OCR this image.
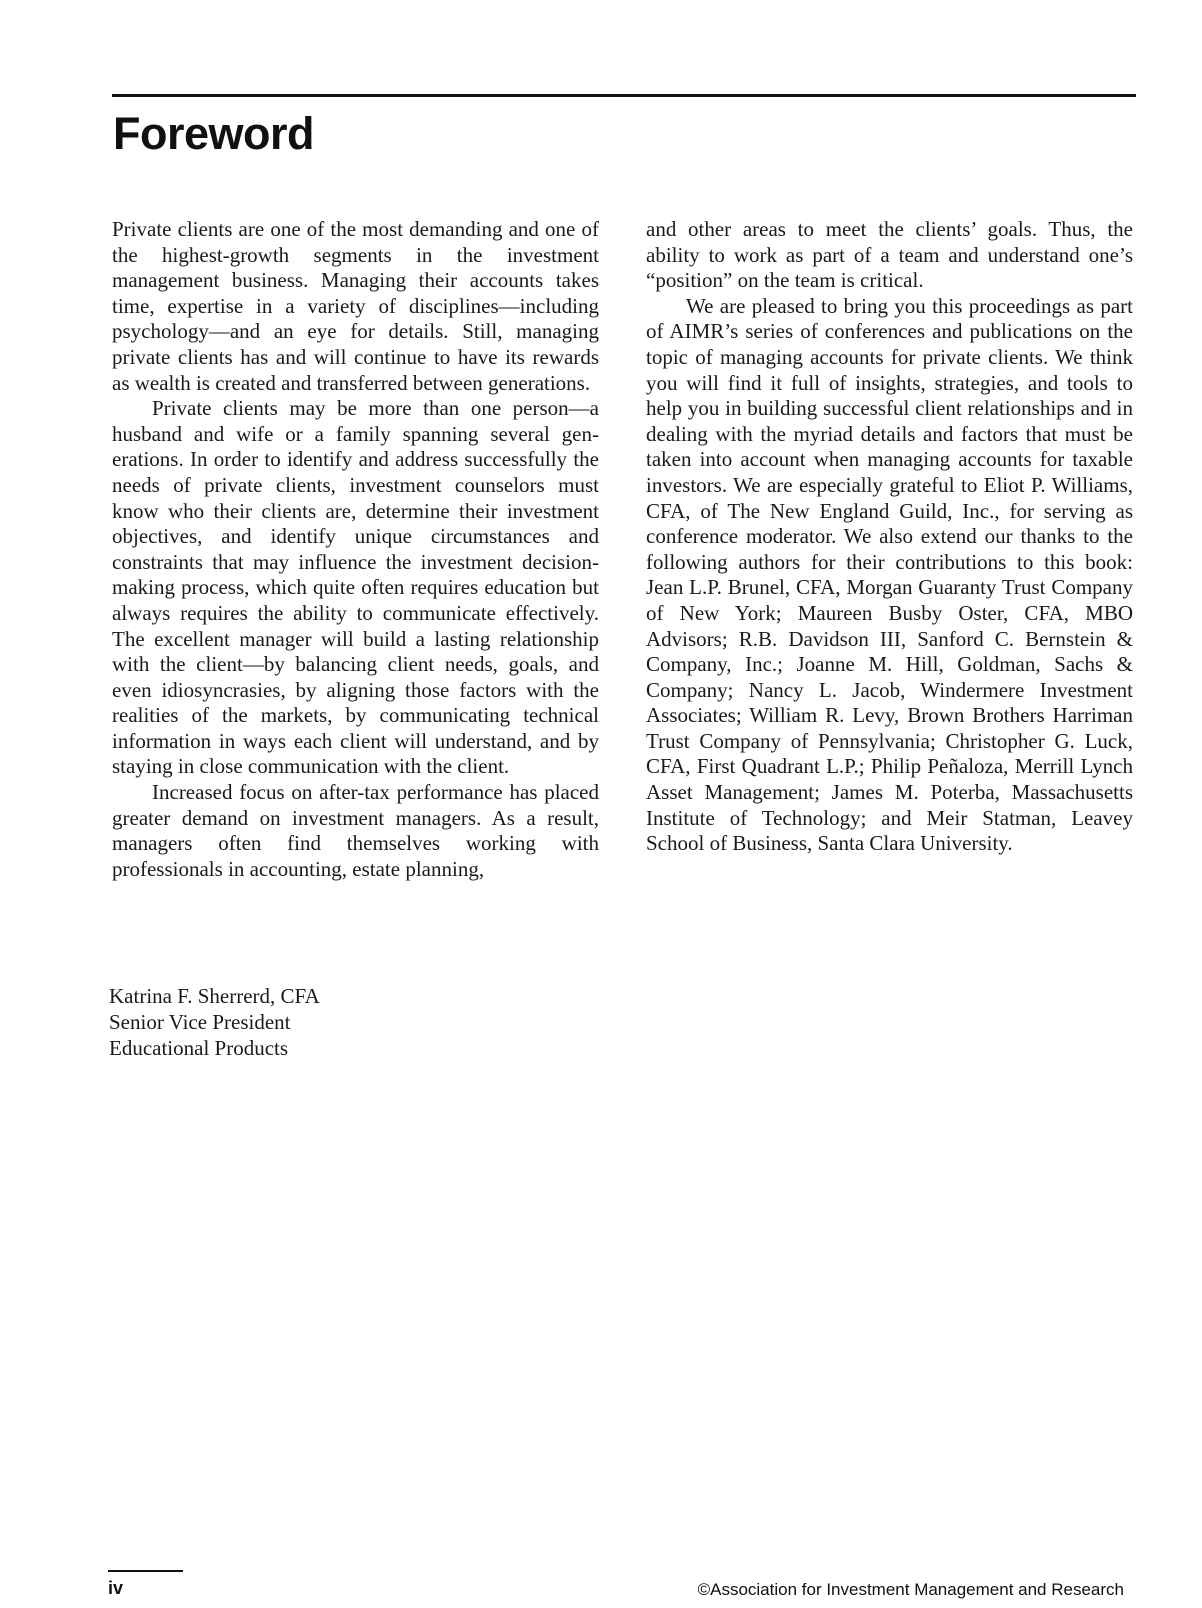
Foreword

Private clients are one of the most demanding and one of the highest-growth segments in the investment management business. Managing their accounts takes time, expertise in a variety of disciplines—including psychology—and an eye for details. Still, managing private clients has and will continue to have its rewards as wealth is created and transferred between generations.

Private clients may be more than one person—a husband and wife or a family spanning several generations. In order to identify and address successfully the needs of private clients, investment counselors must know who their clients are, determine their investment objectives, and identify unique circumstances and constraints that may influence the investment decision-making process, which quite often requires education but always requires the ability to communicate effectively. The excellent manager will build a lasting relationship with the client—by balancing client needs, goals, and even idiosyncrasies, by aligning those factors with the realities of the markets, by communicating technical information in ways each client will understand, and by staying in close communication with the client.

Increased focus on after-tax performance has placed greater demand on investment managers. As a result, managers often find themselves working with professionals in accounting, estate planning,

and other areas to meet the clients’ goals. Thus, the ability to work as part of a team and understand one’s “position” on the team is critical.

We are pleased to bring you this proceedings as part of AIMR’s series of conferences and publications on the topic of managing accounts for private clients. We think you will find it full of insights, strategies, and tools to help you in building successful client relationships and in dealing with the myriad details and factors that must be taken into account when managing accounts for taxable investors. We are especially grateful to Eliot P. Williams, CFA, of The New England Guild, Inc., for serving as conference moderator. We also extend our thanks to the following authors for their contributions to this book: Jean L.P. Brunel, CFA, Morgan Guaranty Trust Company of New York; Maureen Busby Oster, CFA, MBO Advisors; R.B. Davidson III, Sanford C. Bernstein & Company, Inc.; Joanne M. Hill, Goldman, Sachs & Company; Nancy L. Jacob, Windermere Investment Associates; William R. Levy, Brown Brothers Harriman Trust Company of Pennsylvania; Christopher G. Luck, CFA, First Quadrant L.P.; Philip Peñaloza, Merrill Lynch Asset Management; James M. Poterba, Massachusetts Institute of Technology; and Meir Statman, Leavey School of Business, Santa Clara University.

Katrina F. Sherrerd, CFA
Senior Vice President
Educational Products
iv	©Association for Investment Management and Research
